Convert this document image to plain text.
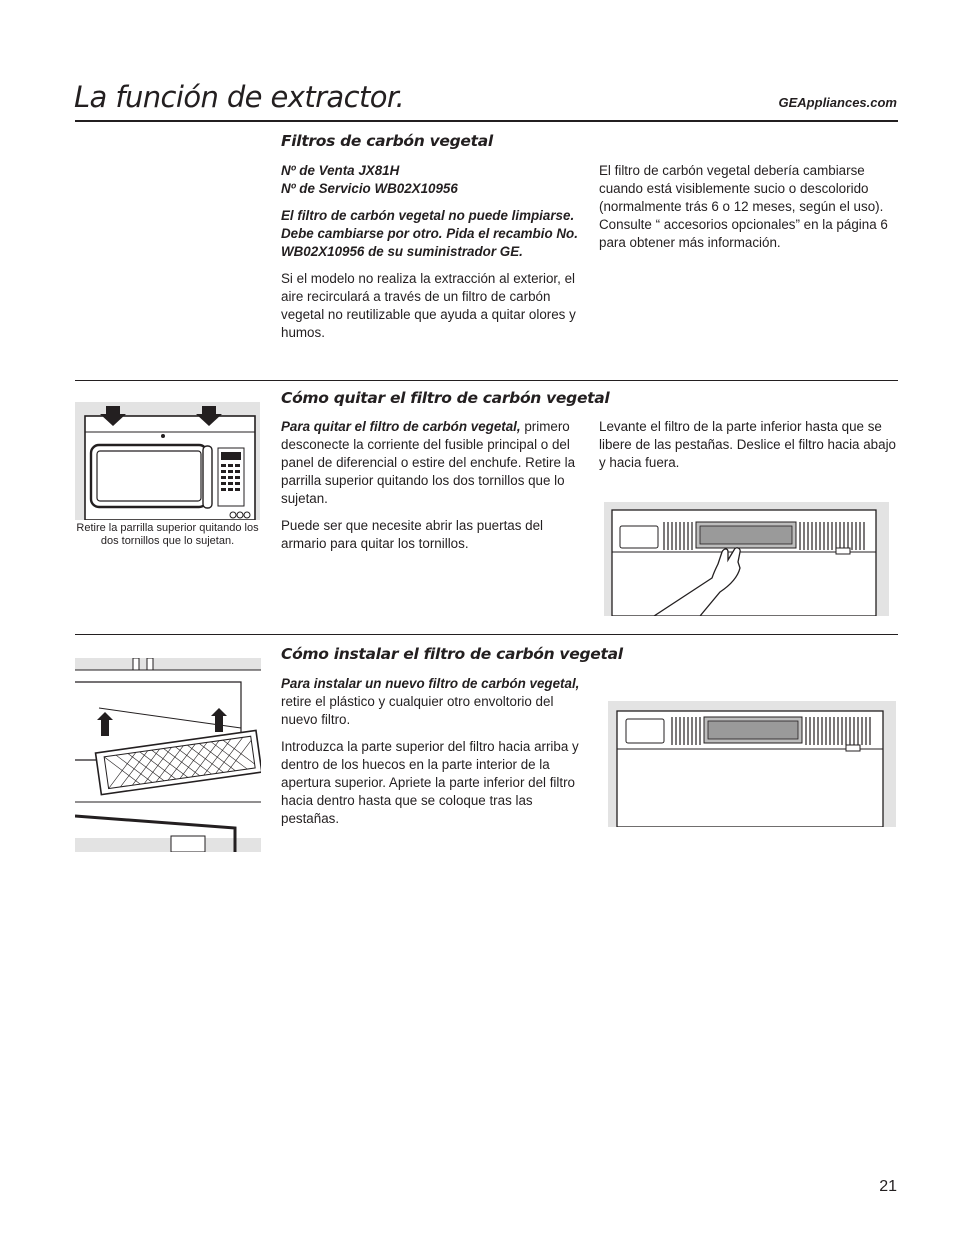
La función de extractor.	GEAppliances.com
Filtros de carbón vegetal
Nº de Venta JX81H

Nº de Servicio WB02X10956

El filtro de carbón vegetal no puede limpiarse. Debe cambiarse por otro. Pida el recambio No. WB02X10956 de su suministrador GE.

Si el modelo no realiza la extracción al exterior, el aire recirculará a través de un filtro de carbón vegetal no reutilizable que ayuda a quitar olores y humos.

El filtro de carbón vegetal debería cambiarse cuando está visiblemente sucio o descolorido (normalmente trás 6 o 12 meses, según el uso). Consulte “ accesorios opcionales” en la página 6 para obtener más información.

Cómo quitar el filtro de carbón vegetal
Retire la parrilla superior quitando los dos tornillos que lo sujetan.

Para quitar el filtro de carbón vegetal, primero desconecte la corriente del fusible principal o del panel de diferencial o estire del enchufe. Retire la parrilla superior quitando los dos tornillos que lo sujetan.

Puede ser que necesite abrir las puertas del armario para quitar los tornillos.

Levante el filtro de la parte inferior hasta que se libere de las pestañas. Deslice el filtro hacia abajo y hacia fuera.

Cómo instalar el filtro de carbón vegetal

Para instalar un nuevo filtro de carbón vegetal, retire el plástico y cualquier otro envoltorio del nuevo filtro.

Introduzca la parte superior del filtro hacia arriba y dentro de los huecos en la parte interior de la apertura superior. Apriete la parte inferior del filtro hacia dentro hasta que se coloque tras las pestañas.

21
